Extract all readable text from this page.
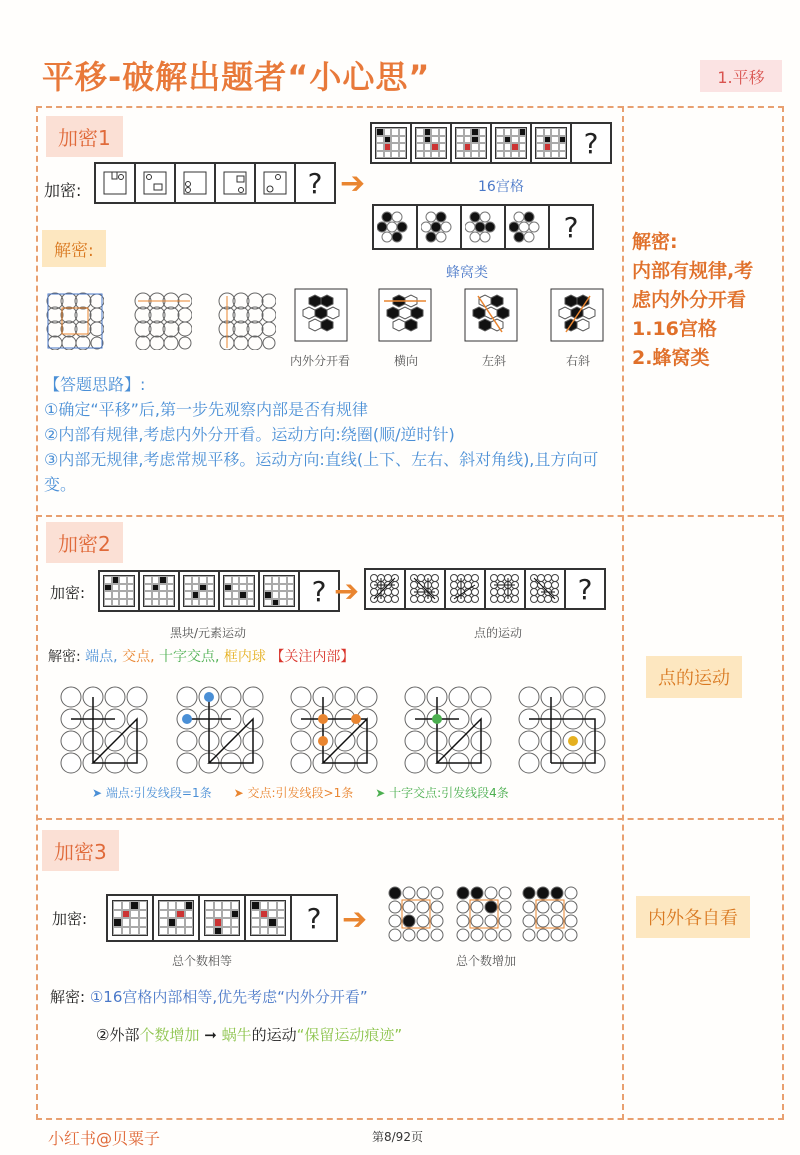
平移-破解出题者“小心思”	1.平移
加密1
加密:	? ➔
?
16宫格
?
蜂窝类
解密:
内外分开看	横向	左斜	右斜
【答题思路】:
①确定“平移”后,第一步先观察内部是否有规律
②内部有规律,考虑内外分开看。运动方向:绕圈(顺/逆时针)
③内部无规律,考虑常规平移。运动方向:直线(上下、左右、斜对角线),且方向可变。
解密:
内部有规律,考
虑内外分开看
1.16宫格
2.蜂窝类
加密2
加密:	? ➔	?
黑块/元素运动	点的运动
解密: 端点, 交点, 十字交点, 框内球 【关注内部】
➤ 端点:引发线段=1条 ➤ 交点:引发线段>1条 ➤ 十字交点:引发线段4条
点的运动
加密3
加密:	? ➔
总个数相等	总个数增加
解密: ①16宫格内部相等,优先考虑“内外分开看”
②外部个数增加 ➞ 蜗牛的运动“保留运动痕迹”
内外各自看
小红书@贝粟子	第8/92页
